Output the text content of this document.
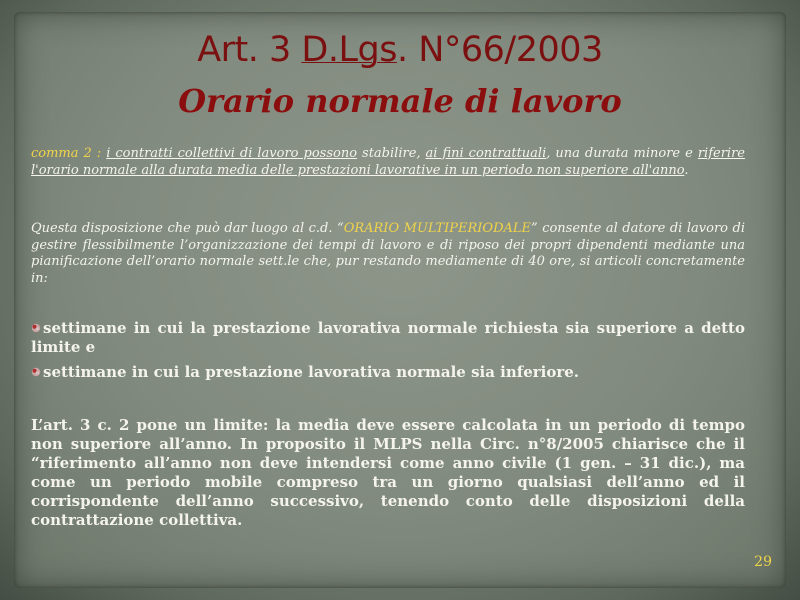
Art. 3 D.Lgs. N°66/2003
Orario normale di lavoro
comma 2 : i contratti collettivi di lavoro possono stabilire, ai fini contrattuali, una durata minore e riferire l'orario normale alla durata media delle prestazioni lavorative in un periodo non superiore all'anno.
Questa disposizione che può dar luogo al c.d. “ORARIO MULTIPERIODALE” consente al datore di lavoro di gestire flessibilmente l’organizzazione dei tempi di lavoro e di riposo dei propri dipendenti mediante una pianificazione dell’orario normale sett.le che, pur restando mediamente di 40 ore, si articoli concretamente in:
settimane in cui la prestazione lavorativa normale richiesta sia superiore a detto limite e
settimane in cui la prestazione lavorativa normale sia inferiore.
L’art. 3 c. 2 pone un limite: la media deve essere calcolata in un periodo di tempo non superiore all’anno. In proposito il MLPS nella Circ. n°8/2005 chiarisce che il “riferimento all’anno non deve intendersi come anno civile (1 gen. – 31 dic.), ma come un periodo mobile compreso tra un giorno qualsiasi dell’anno ed il corrispondente dell’anno successivo, tenendo conto delle disposizioni della contrattazione collettiva.
29
